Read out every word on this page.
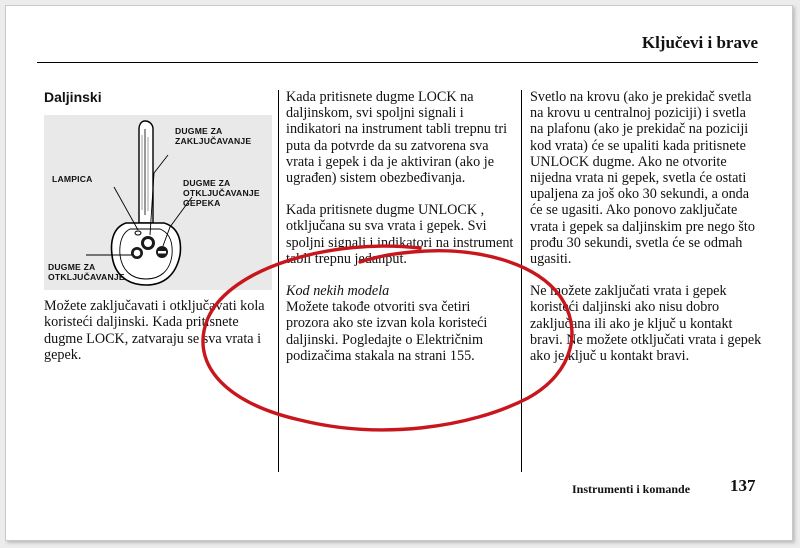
Ključevi i brave
Daljinski
DUGME ZA
ZAKLJUČAVANJE
LAMPICA	DUGME ZA
OTKLJUČAVANJE
GEPEKA
DUGME ZA
OTKLJUČAVANJE

Možete zaključavati i otključavati kola koristeći daljinski. Kada pritisnete dugme LOCK, zatvaraju se sva vrata i gepek.

Kada pritisnete dugme LOCK na daljinskom, svi spoljni signali i indikatori na instrument tabli trepnu tri puta da potvrde da su zatvorena sva vrata i gepek i da je aktiviran (ako je ugrađen) sistem obezbeđivanja.

Kada pritisnete dugme UNLOCK , otključana su sva vrata i gepek. Svi spoljni signali i indikatori na instrument tabli trepnu jedanput.

Kod nekih modela

Možete takođe otvoriti sva četiri prozora ako ste izvan kola koristeći daljinski. Pogledajte o Električnim podizačima stakala na strani 155.

Svetlo na krovu (ako je prekidač svetla na krovu u centralnoj poziciji) i svetla na plafonu (ako je prekidač na poziciji kod vrata) će se upaliti kada pritisnete UNLOCK dugme. Ako ne otvorite nijedna vrata ni gepek, svetla će ostati upaljena za još oko 30 sekundi, a onda će se ugasiti. Ako ponovo zaključate vrata i gepek sa daljinskim pre nego što prođu 30 sekundi, svetla će se odmah ugasiti.

Ne možete zaključati vrata i gepek koristeći daljinski ako nisu dobro zaključana ili ako je ključ u kontakt bravi. Ne možete otključati vrata i gepek ako je ključ u kontakt bravi.

Instrumenti i komande 137
